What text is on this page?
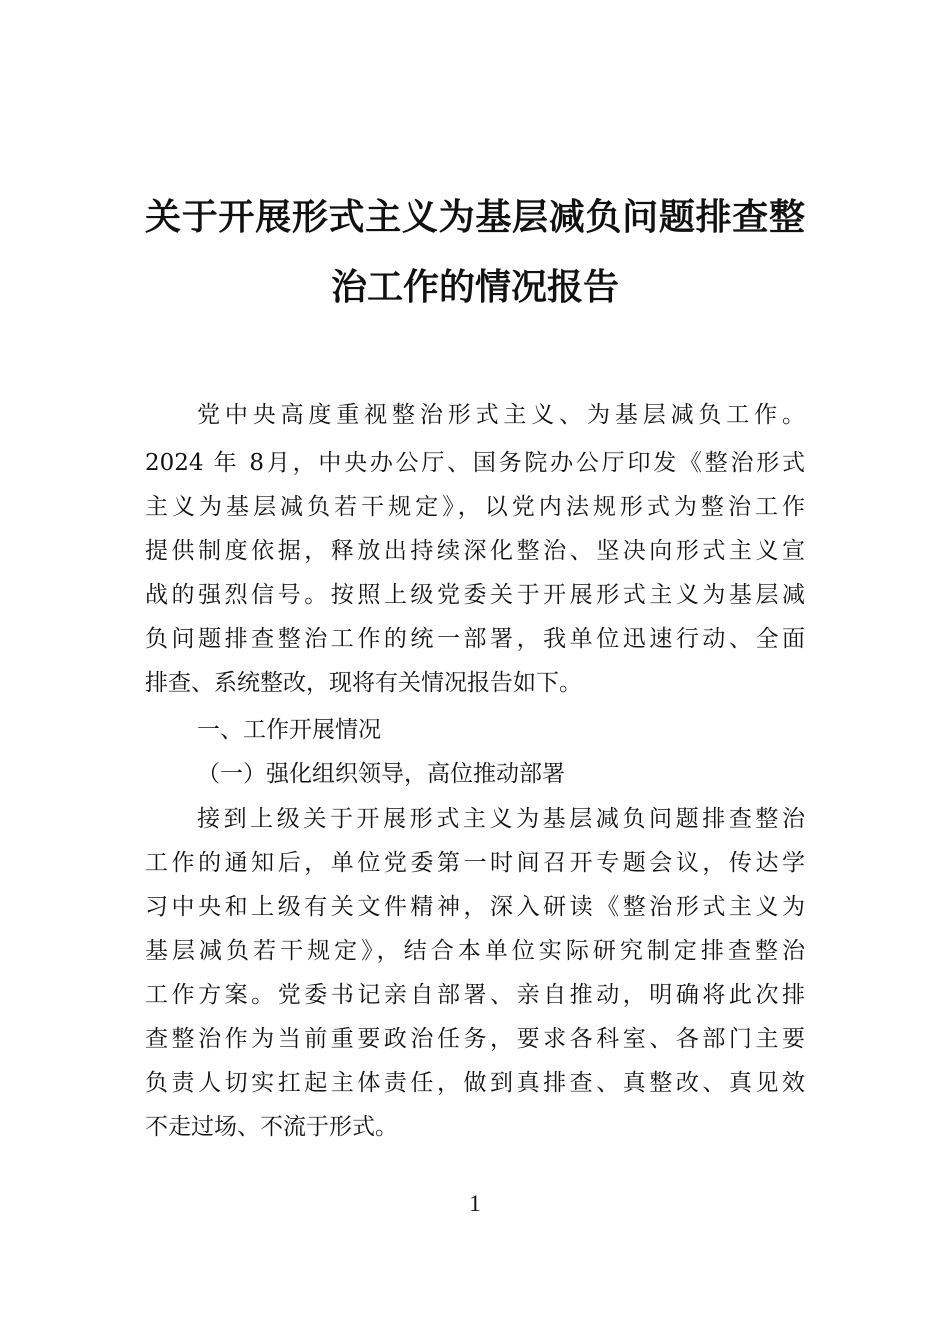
关于开展形式主义为基层减负问题排查整
治工作的情况报告
党中央高度重视整治形式主义、为基层减负工作。
2024 年 8月，中央办公厅、国务院办公厅印发《整治形式
主义为基层减负若干规定》，以党内法规形式为整治工作
提供制度依据，释放出持续深化整治、坚决向形式主义宣
战的强烈信号。按照上级党委关于开展形式主义为基层减
负问题排查整治工作的统一部署，我单位迅速行动、全面
排查、系统整改，现将有关情况报告如下。
一、工作开展情况
（一）强化组织领导，高位推动部署
接到上级关于开展形式主义为基层减负问题排查整治
工作的通知后，单位党委第一时间召开专题会议，传达学
习中央和上级有关文件精神，深入研读《整治形式主义为
基层减负若干规定》，结合本单位实际研究制定排查整治
工作方案。党委书记亲自部署、亲自推动，明确将此次排
查整治作为当前重要政治任务，要求各科室、各部门主要
负责人切实扛起主体责任，做到真排查、真整改、真见效
不走过场、不流于形式。
1
